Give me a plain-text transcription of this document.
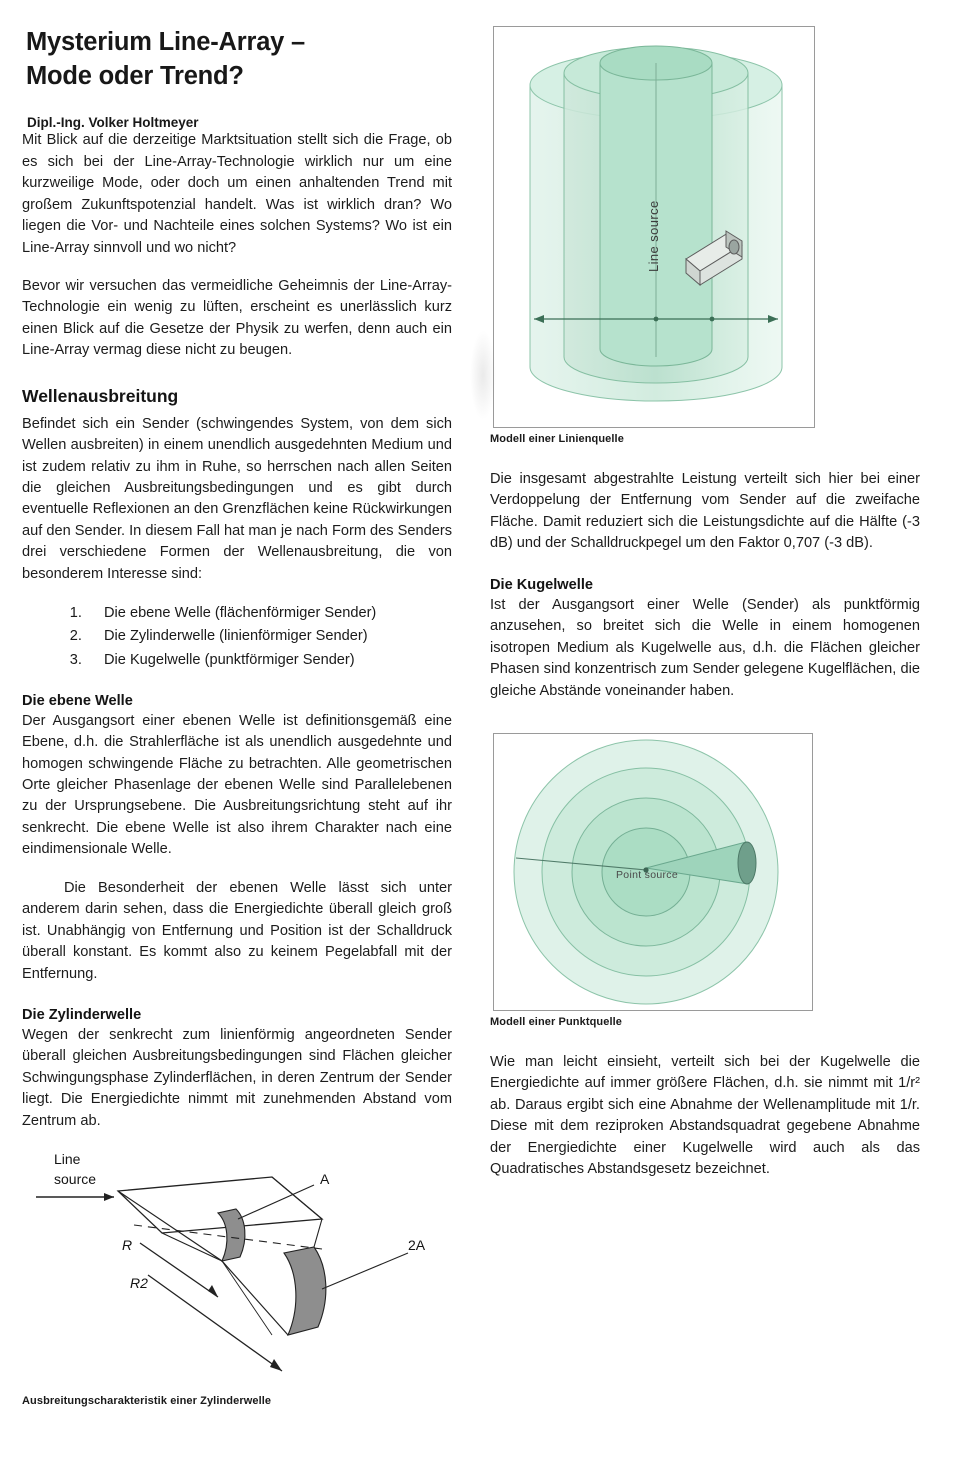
Mysterium Line-Array –
Mode oder Trend?
Dipl.-Ing. Volker Holtmeyer

Mit Blick auf die derzeitige Marktsituation stellt sich die Frage, ob es sich bei der Line-Array-Technologie wirklich nur um eine kurzweilige Mode, oder doch um einen anhaltenden Trend mit großem Zukunftspotenzial handelt. Was ist wirklich dran? Wo liegen die Vor- und Nachteile eines solchen Systems? Wo ist ein Line-Array sinnvoll und wo nicht?

Bevor wir versuchen das vermeidliche Geheimnis der Line-Array-Technologie ein wenig zu lüften, erscheint es unerlässlich kurz einen Blick auf die Gesetze der Physik zu werfen, denn auch ein Line-Array vermag diese nicht zu beugen.

Wellenausbreitung

Befindet sich ein Sender (schwingendes System, von dem sich Wellen ausbreiten) in einem unendlich ausgedehnten Medium und ist zudem relativ zu ihm in Ruhe, so herrschen nach allen Seiten die gleichen Ausbreitungsbedingungen und es gibt durch eventuelle Reflexionen an den Grenzflächen keine Rückwirkungen auf den Sender. In diesem Fall hat man je nach Form des Senders drei verschiedene Formen der Wellenausbreitung, die von besonderem Interesse sind:

1. Die ebene Welle (flächenförmiger Sender)
2. Die Zylinderwelle (linienförmiger Sender)
3. Die Kugelwelle (punktförmiger Sender)
Die ebene Welle

Der Ausgangsort einer ebenen Welle ist definitionsgemäß eine Ebene, d.h. die Strahlerfläche ist als unendlich ausgedehnte und homogen schwingende Fläche zu betrachten. Alle geometrischen Orte gleicher Phasenlage der ebenen Welle sind Parallelebenen zu der Ursprungsebene. Die Ausbreitungsrichtung steht auf ihr senkrecht. Die ebene Welle ist also ihrem Charakter nach eine eindimensionale Welle.

Die Besonderheit der ebenen Welle lässt sich unter anderem darin sehen, dass die Energiedichte überall gleich groß ist. Unabhängig von Entfernung und Position ist der Schalldruck überall konstant. Es kommt also zu keinem Pegelabfall mit der Entfernung.

Die Zylinderwelle

Wegen der senkrecht zum linienförmig angeordneten Sender überall gleichen Ausbreitungsbedingungen sind Flächen gleicher Schwingungsphase Zylinderflächen, in deren Zentrum der Sender liegt. Die Energiedichte nimmt mit zunehmenden Abstand vom Zentrum ab.

Line
source	A
2A
R
R2
Ausbreitungscharakteristik einer Zylinderwelle
Line source
Modell einer Linienquelle

Die insgesamt abgestrahlte Leistung verteilt sich hier bei einer Verdoppelung der Entfernung vom Sender auf die zweifache Fläche. Damit reduziert sich die Leistungsdichte auf die Hälfte (-3 dB) und der Schalldruckpegel um den Faktor 0,707 (-3 dB).

Die Kugelwelle

Ist der Ausgangsort einer Welle (Sender) als punktförmig anzusehen, so breitet sich die Welle in einem homogenen isotropen Medium als Kugelwelle aus, d.h. die Flächen gleicher Phasen sind konzentrisch zum Sender gelegene Kugelflächen, die gleiche Abstände voneinander haben.

Point source
Modell einer Punktquelle

Wie man leicht einsieht, verteilt sich bei der Kugelwelle die Energiedichte auf immer größere Flächen, d.h. sie nimmt mit 1/r² ab. Daraus ergibt sich eine Abnahme der Wellenamplitude mit 1/r. Diese mit dem reziproken Abstandsquadrat gegebene Abnahme der Energiedichte einer Kugelwelle wird auch als das Quadratisches Abstandsgesetz bezeichnet.
